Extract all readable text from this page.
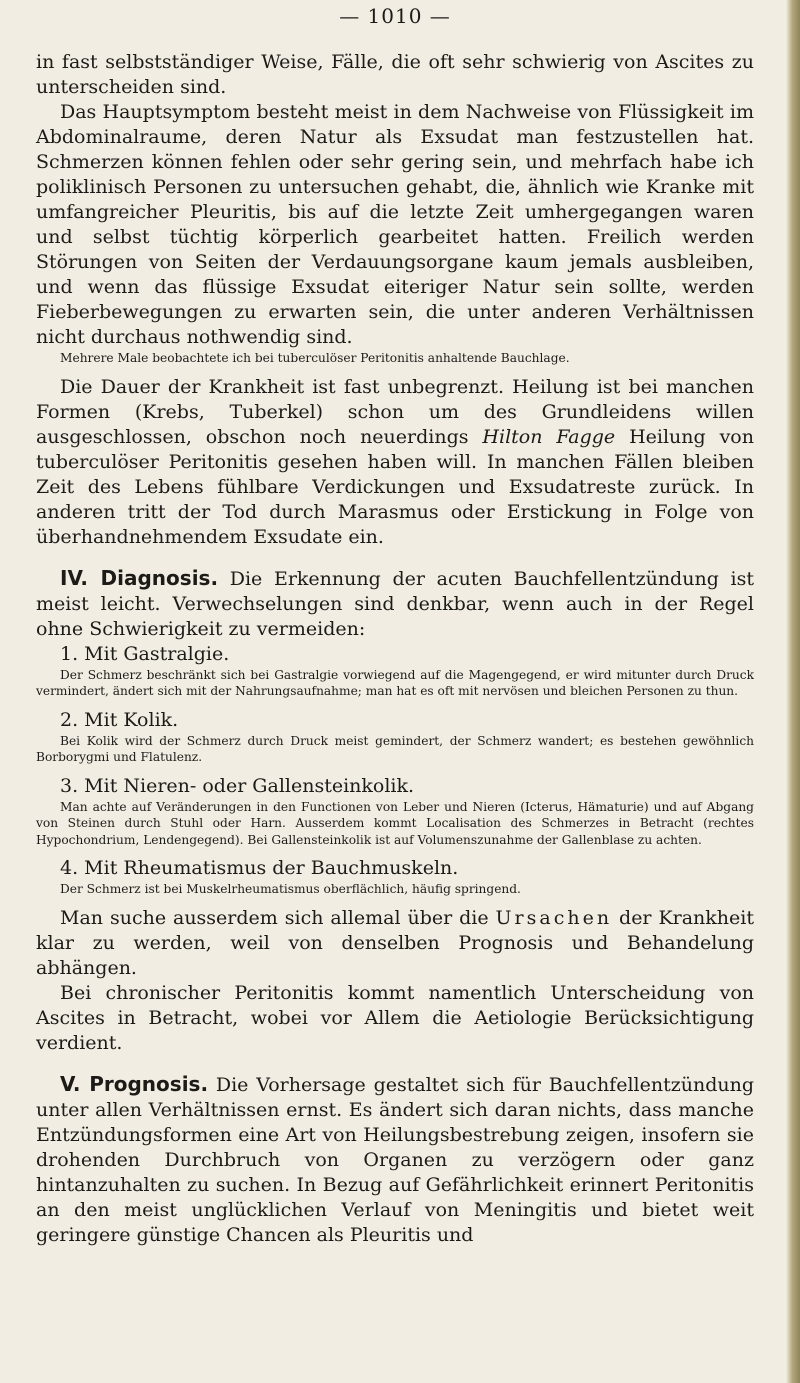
— 1010 —

in fast selbstständiger Weise, Fälle, die oft sehr schwierig von Ascites zu unterscheiden sind.

Das Hauptsymptom besteht meist in dem Nachweise von Flüssigkeit im Abdominalraume, deren Natur als Exsudat man festzustellen hat. Schmerzen können fehlen oder sehr gering sein, und mehrfach habe ich poliklinisch Personen zu untersuchen gehabt, die, ähnlich wie Kranke mit umfangreicher Pleuritis, bis auf die letzte Zeit umhergegangen waren und selbst tüchtig körperlich gearbeitet hatten. Freilich werden Störungen von Seiten der Verdauungsorgane kaum jemals ausbleiben, und wenn das flüssige Exsudat eiteriger Natur sein sollte, werden Fieberbewegungen zu erwarten sein, die unter anderen Verhältnissen nicht durchaus nothwendig sind.

Mehrere Male beobachtete ich bei tuberculöser Peritonitis anhaltende Bauchlage.

Die Dauer der Krankheit ist fast unbegrenzt. Heilung ist bei manchen Formen (Krebs, Tuberkel) schon um des Grundleidens willen ausgeschlossen, obschon noch neuerdings Hilton Fagge Heilung von tuberculöser Peritonitis gesehen haben will. In manchen Fällen bleiben Zeit des Lebens fühlbare Verdickungen und Exsudatreste zurück. In anderen tritt der Tod durch Marasmus oder Erstickung in Folge von überhandnehmendem Exsudate ein.

IV. Diagnosis. Die Erkennung der acuten Bauchfellentzündung ist meist leicht. Verwechselungen sind denkbar, wenn auch in der Regel ohne Schwierigkeit zu vermeiden:

1. Mit Gastralgie.

Der Schmerz beschränkt sich bei Gastralgie vorwiegend auf die Magengegend, er wird mitunter durch Druck vermindert, ändert sich mit der Nahrungsaufnahme; man hat es oft mit nervösen und bleichen Personen zu thun.

2. Mit Kolik.

Bei Kolik wird der Schmerz durch Druck meist gemindert, der Schmerz wandert; es bestehen gewöhnlich Borborygmi und Flatulenz.

3. Mit Nieren- oder Gallensteinkolik.

Man achte auf Veränderungen in den Functionen von Leber und Nieren (Icterus, Hämaturie) und auf Abgang von Steinen durch Stuhl oder Harn. Ausserdem kommt Localisation des Schmerzes in Betracht (rechtes Hypochondrium, Lendengegend). Bei Gallensteinkolik ist auf Volumenszunahme der Gallenblase zu achten.

4. Mit Rheumatismus der Bauchmuskeln.

Der Schmerz ist bei Muskelrheumatismus oberflächlich, häufig springend.

Man suche ausserdem sich allemal über die Ursachen der Krankheit klar zu werden, weil von denselben Prognosis und Behandelung abhängen.

Bei chronischer Peritonitis kommt namentlich Unterscheidung von Ascites in Betracht, wobei vor Allem die Aetiologie Berücksichtigung verdient.

V. Prognosis. Die Vorhersage gestaltet sich für Bauchfellentzündung unter allen Verhältnissen ernst. Es ändert sich daran nichts, dass manche Entzündungsformen eine Art von Heilungsbestrebung zeigen, insofern sie drohenden Durchbruch von Organen zu verzögern oder ganz hintanzuhalten zu suchen. In Bezug auf Gefährlichkeit erinnert Peritonitis an den meist unglücklichen Verlauf von Meningitis und bietet weit geringere günstige Chancen als Pleuritis und
